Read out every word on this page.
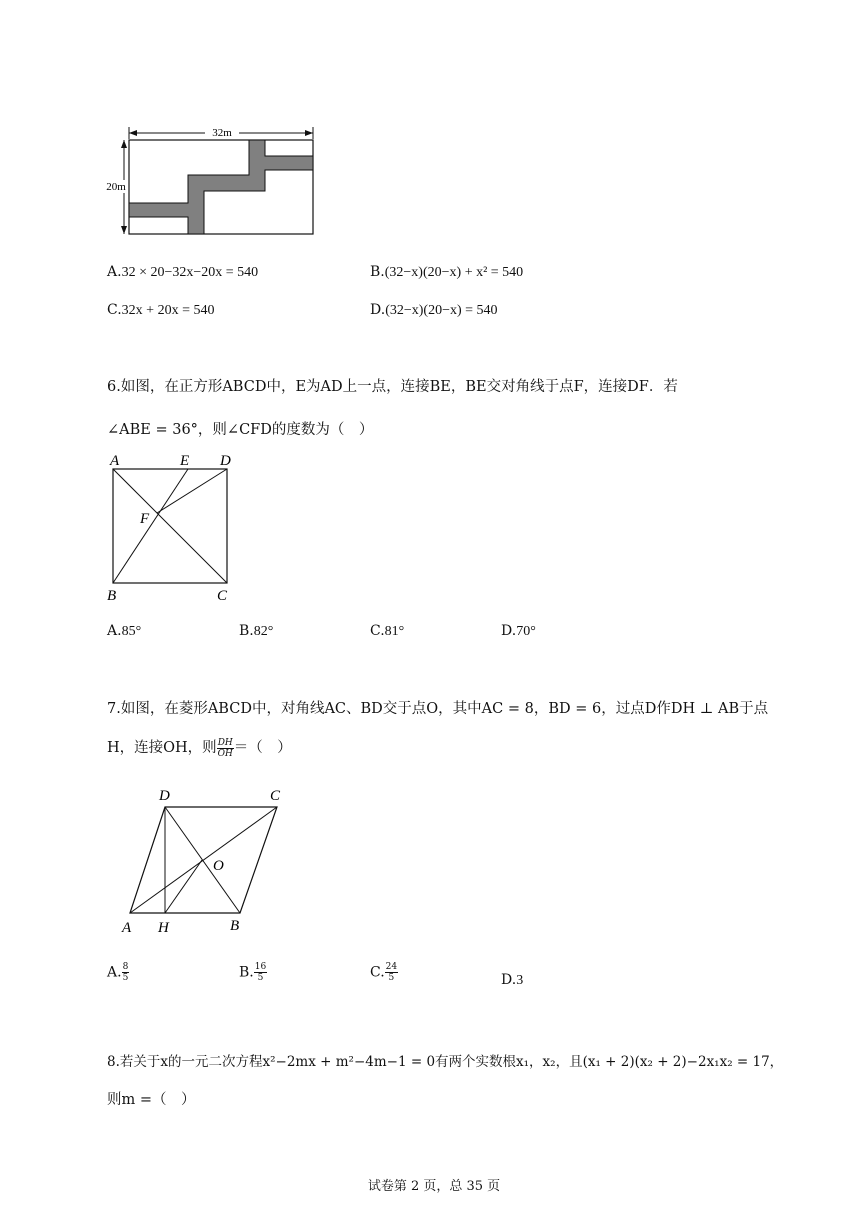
32m
20m
A.32 × 20−32x−20x = 540	B.(32−x)(20−x) + x² = 540
C.32x + 20x = 540	D.(32−x)(20−x) = 540
6.如图，在正方形ABCD中，E为AD上一点，连接BE，BE交对角线于点F，连接DF．若
∠ABE = 36°，则∠CFD的度数为（　）
A	E D
F
B	C
A.85°	B.82°	C.81°	D.70°
7.如图，在菱形ABCD中，对角线AC、BD交于点O，其中AC = 8，BD = 6，过点D作DH ⊥ AB于点
H，连接OH，则 $\frac{DH}{OH}$ ＝（　）
D	C
O
A H	B
A. $\frac{8}{5}$	B. $\frac{16}{5}$	C. $\frac{24}{5}$	D.3
8.若关于x的一元二次方程x²−2mx + m²−4m−1 = 0有两个实数根x₁，x₂，且(x₁ + 2)(x₂ + 2)−2x₁x₂ = 17，
则m =（　）
试卷第 2 页，总 35 页
